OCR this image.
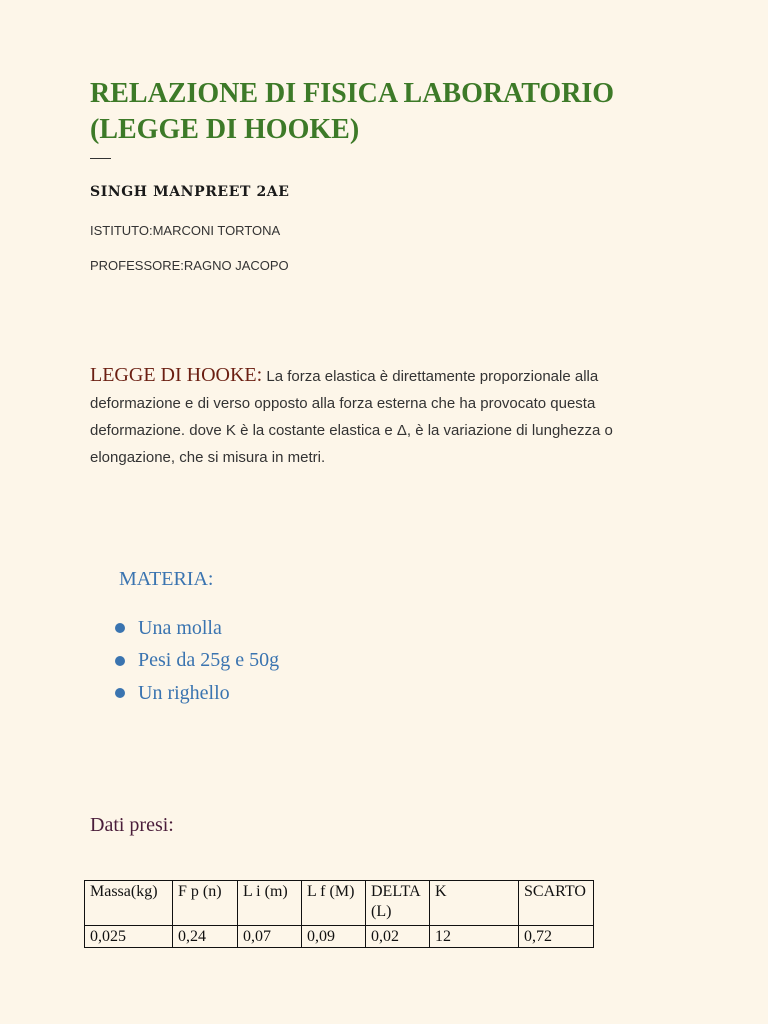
RELAZIONE DI FISICA LABORATORIO (LEGGE DI HOOKE)
SINGH MANPREET 2AE
ISTITUTO:MARCONI TORTONA
PROFESSORE:RAGNO JACOPO

LEGGE DI HOOKE: La forza elastica è direttamente proporzionale alla deformazione e di verso opposto alla forza esterna che ha provocato questa deformazione. dove K è la costante elastica e Δ, è la variazione di lunghezza o elongazione, che si misura in metri.

MATERIA:
Una molla
Pesi da 25g e 50g
Un righello
Dati presi:
Massa(kg)	F p (n)	L i (m)	L f (M)	DELTA (L)	K	SCARTO
0,025	0,24	0,07	0,09	0,02	12	0,72
